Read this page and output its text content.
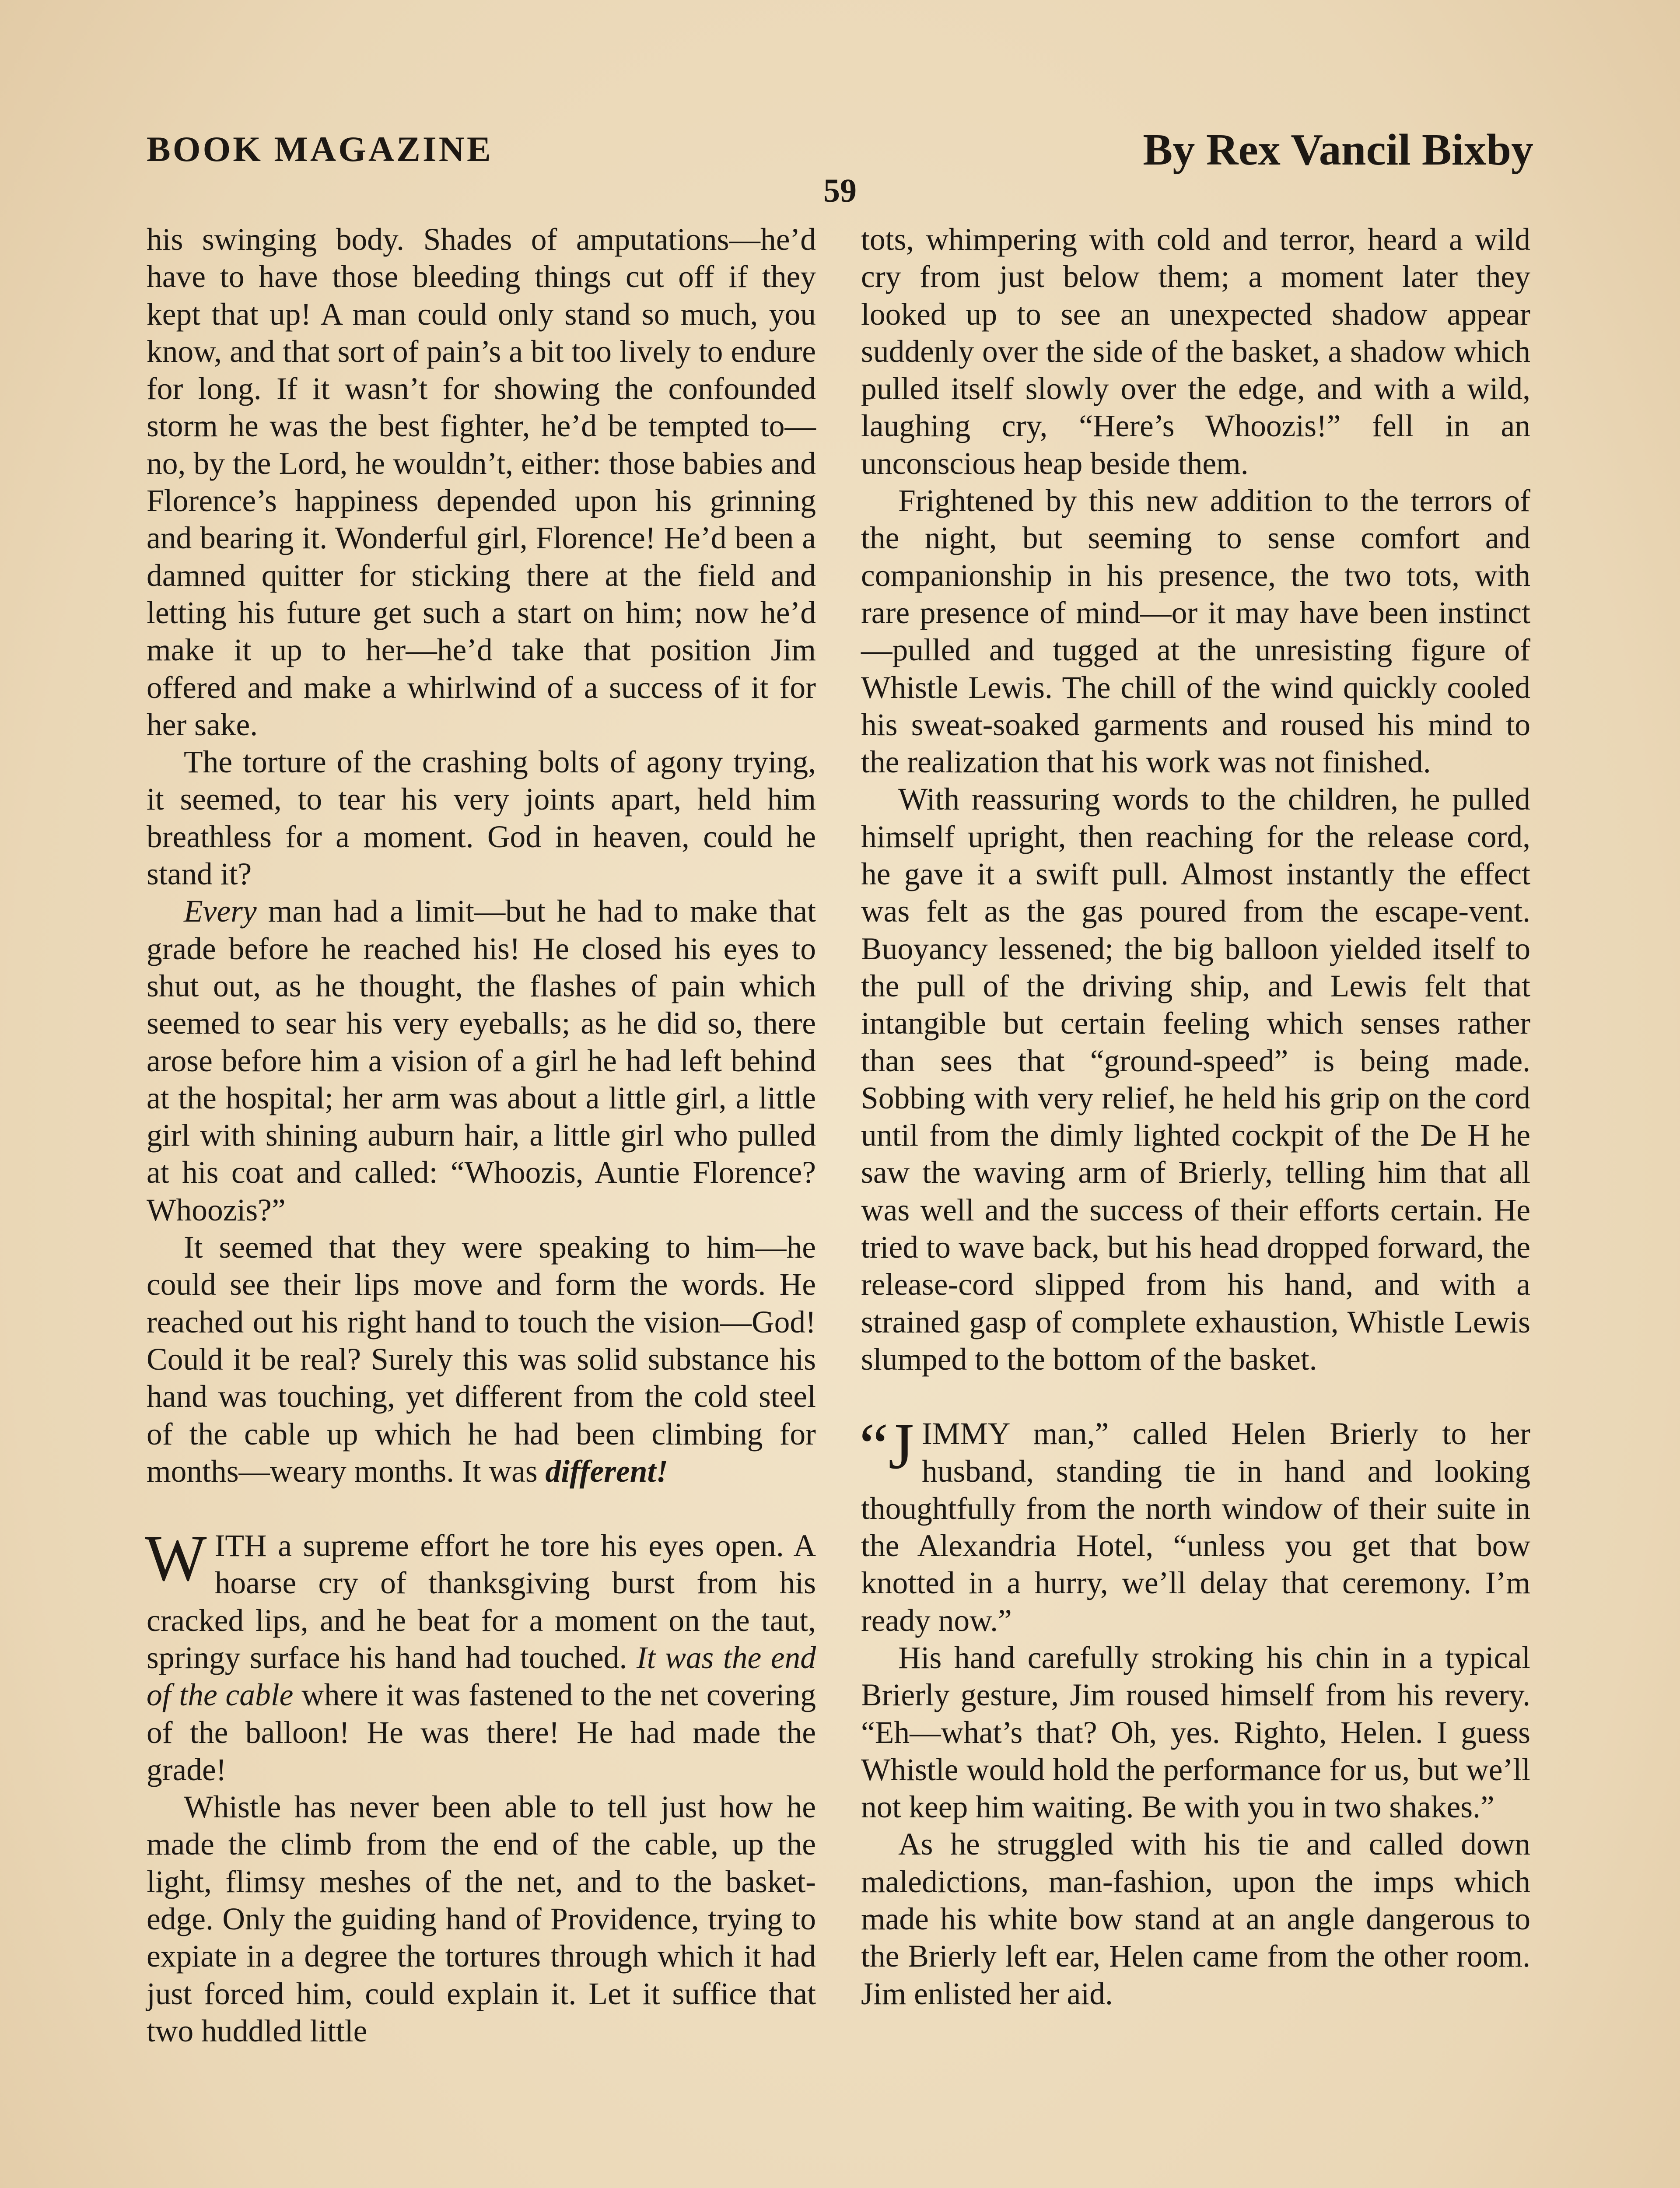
BOOK MAGAZINE	By Rex Vancil Bixby
59

his swinging body. Shades of amputations—he’d have to have those bleeding things cut off if they kept that up! A man could only stand so much, you know, and that sort of pain’s a bit too lively to endure for long. If it wasn’t for showing the confounded storm he was the best fighter, he’d be tempted to—no, by the Lord, he wouldn’t, either: those babies and Florence’s happiness depended upon his grinning and bearing it. Wonderful girl, Florence! He’d been a damned quitter for sticking there at the field and letting his future get such a start on him; now he’d make it up to her—he’d take that position Jim offered and make a whirlwind of a success of it for her sake.

The torture of the crashing bolts of agony trying, it seemed, to tear his very joints apart, held him breathless for a moment. God in heaven, could he stand it?

Every man had a limit—but he had to make that grade before he reached his! He closed his eyes to shut out, as he thought, the flashes of pain which seemed to sear his very eyeballs; as he did so, there arose before him a vision of a girl he had left behind at the hospital; her arm was about a little girl, a little girl with shining auburn hair, a little girl who pulled at his coat and called: “Whoozis, Auntie Florence? Whoozis?”

It seemed that they were speaking to him—he could see their lips move and form the words. He reached out his right hand to touch the vision—God! Could it be real? Surely this was solid substance his hand was touching, yet different from the cold steel of the cable up which he had been climbing for months—weary months. It was different!

WITH a supreme effort he tore his eyes open. A hoarse cry of thanksgiving burst from his cracked lips, and he beat for a moment on the taut, springy surface his hand had touched. It was the end of the cable where it was fastened to the net covering of the balloon! He was there! He had made the grade!

Whistle has never been able to tell just how he made the climb from the end of the cable, up the light, flimsy meshes of the net, and to the basket-edge. Only the guiding hand of Providence, trying to expiate in a degree the tortures through which it had just forced him, could explain it. Let it suffice that two huddled little

tots, whimpering with cold and terror, heard a wild cry from just below them; a moment later they looked up to see an unexpected shadow appear suddenly over the side of the basket, a shadow which pulled itself slowly over the edge, and with a wild, laughing cry, “Here’s Whoozis!” fell in an unconscious heap beside them.

Frightened by this new addition to the terrors of the night, but seeming to sense comfort and companionship in his presence, the two tots, with rare presence of mind—or it may have been instinct—pulled and tugged at the unresisting figure of Whistle Lewis. The chill of the wind quickly cooled his sweat-soaked garments and roused his mind to the realization that his work was not finished.

With reassuring words to the children, he pulled himself upright, then reaching for the release cord, he gave it a swift pull. Almost instantly the effect was felt as the gas poured from the escape-vent. Buoyancy lessened; the big balloon yielded itself to the pull of the driving ship, and Lewis felt that intangible but certain feeling which senses rather than sees that “ground-speed” is being made. Sobbing with very relief, he held his grip on the cord until from the dimly lighted cockpit of the De H he saw the waving arm of Brierly, telling him that all was well and the success of their efforts certain. He tried to wave back, but his head dropped forward, the release-cord slipped from his hand, and with a strained gasp of complete exhaustion, Whistle Lewis slumped to the bottom of the basket.

“JIMMY man,” called Helen Brierly to her husband, standing tie in hand and looking thoughtfully from the north window of their suite in the Alexandria Hotel, “unless you get that bow knotted in a hurry, we’ll delay that ceremony. I’m ready now.”

His hand carefully stroking his chin in a typical Brierly gesture, Jim roused himself from his revery. “Eh—what’s that? Oh, yes. Righto, Helen. I guess Whistle would hold the performance for us, but we’ll not keep him waiting. Be with you in two shakes.”

As he struggled with his tie and called down maledictions, man-fashion, upon the imps which made his white bow stand at an angle dangerous to the Brierly left ear, Helen came from the other room. Jim enlisted her aid.
